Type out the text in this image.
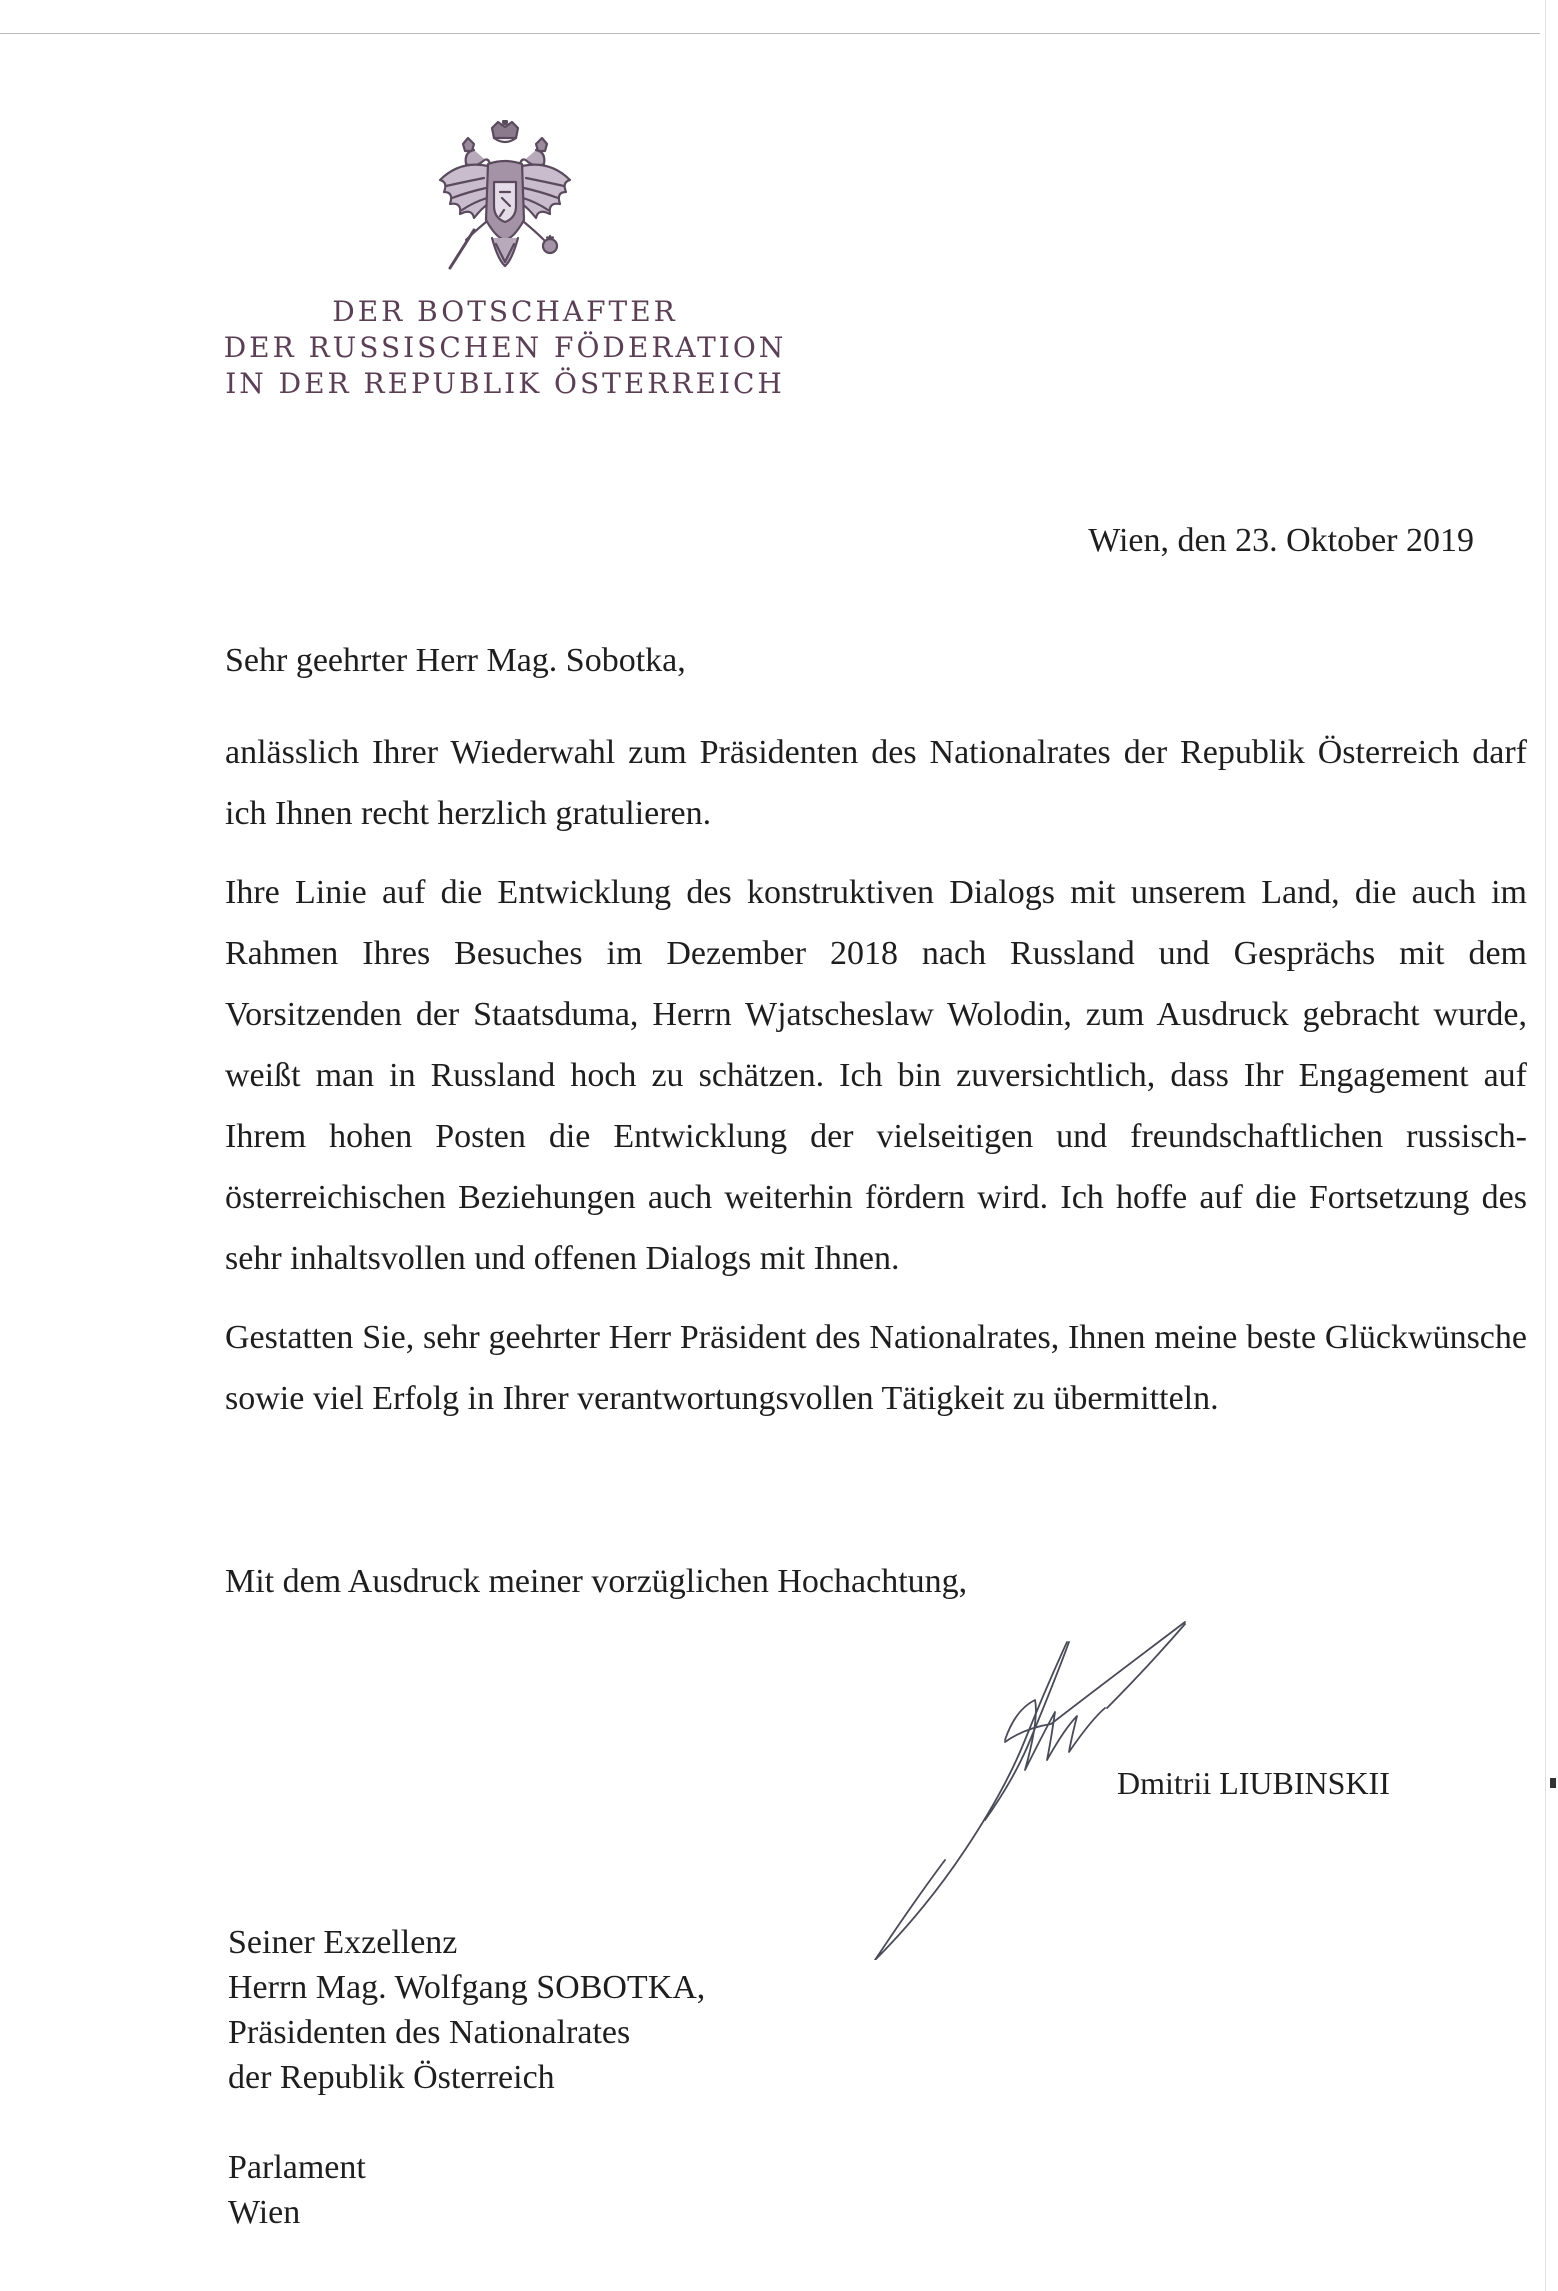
DER BOTSCHAFTER
DER RUSSISCHEN FÖDERATION
IN DER REPUBLIK ÖSTERREICH
Wien, den 23. Oktober 2019
Sehr geehrter Herr Mag. Sobotka,

anlässlich Ihrer Wiederwahl zum Präsidenten des Nationalrates der Republik Österreich darf ich Ihnen recht herzlich gratulieren.

Ihre Linie auf die Entwicklung des konstruktiven Dialogs mit unserem Land, die auch im Rahmen Ihres Besuches im Dezember 2018 nach Russland und Gesprächs mit dem Vorsitzenden der Staatsduma, Herrn Wjatscheslaw Wolodin, zum Ausdruck gebracht wurde, weißt man in Russland hoch zu schätzen. Ich bin zuversichtlich, dass Ihr Engagement auf Ihrem hohen Posten die Entwicklung der vielseitigen und freundschaftlichen russisch-österreichischen Beziehungen auch weiterhin fördern wird. Ich hoffe auf die Fortsetzung des sehr inhaltsvollen und offenen Dialogs mit Ihnen.

Gestatten Sie, sehr geehrter Herr Präsident des Nationalrates, Ihnen meine beste Glückwünsche sowie viel Erfolg in Ihrer verantwortungsvollen Tätigkeit zu übermitteln.

Mit dem Ausdruck meiner vorzüglichen Hochachtung,
Dmitrii LIUBINSKII
Seiner Exzellenz
Herrn Mag. Wolfgang SOBOTKA,
Präsidenten des Nationalrates
der Republik Österreich
Parlament
Wien
